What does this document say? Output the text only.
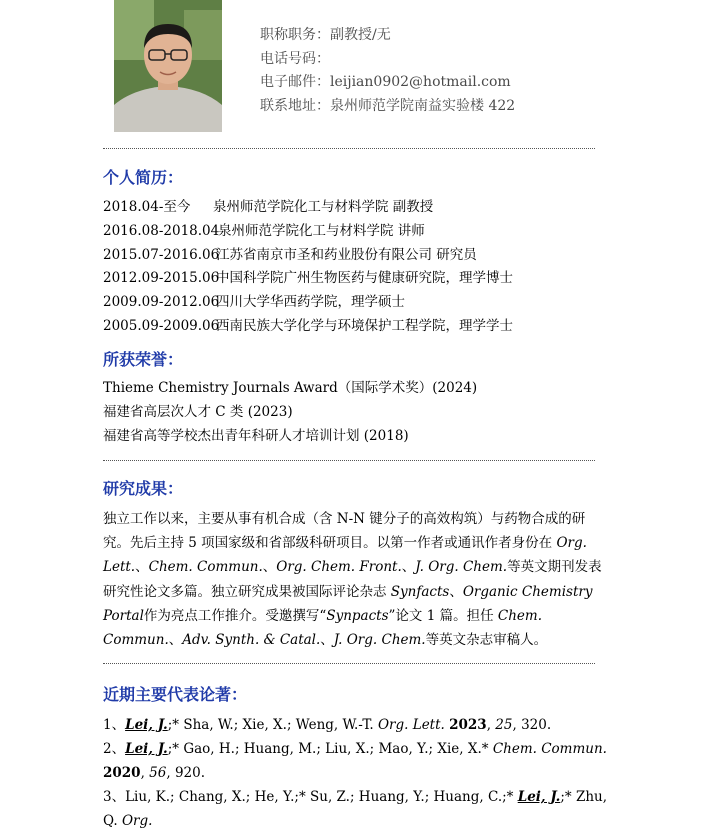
职称职务：副教授/无
电话号码：
电子邮件：leijian0902@hotmail.com
联系地址：泉州师范学院南益实验楼 422
个人简历：
2018.04-至今 泉州师范学院化工与材料学院 副教授
2016.08-2018.04泉州师范学院化工与材料学院 讲师
2015.07-2016.06江苏省南京市圣和药业股份有限公司 研究员
2012.09-2015.06中国科学院广州生物医药与健康研究院，理学博士
2009.09-2012.06四川大学华西药学院，理学硕士
2005.09-2009.06西南民族大学化学与环境保护工程学院，理学学士
所获荣誉：
Thieme Chemistry Journals Award（国际学术奖）(2024)
福建省高层次人才 C 类 (2023)
福建省高等学校杰出青年科研人才培训计划 (2018)
研究成果：
独立工作以来，主要从事有机合成（含 N-N 键分子的高效构筑）与药物合成的研究。先后主持 5 项国家级和省部级科研项目。以第一作者或通讯作者身份在 Org. Lett.、Chem. Commun.、Org. Chem. Front.、J. Org. Chem.等英文期刊发表研究性论文多篇。独立研究成果被国际评论杂志 Synfacts、Organic Chemistry Portal作为亮点工作推介。受邀撰写“Synpacts”论文 1 篇。担任 Chem. Commun.、Adv. Synth. & Catal.、J. Org. Chem.等英文杂志审稿人。
近期主要代表论著：

1、Lei, J.;* Sha, W.; Xie, X.; Weng, W.-T. Org. Lett. 2023, 25, 320.

2、Lei, J.;* Gao, H.; Huang, M.; Liu, X.; Mao, Y.; Xie, X.* Chem. Commun. 2020, 56, 920.

3、Liu, K.; Chang, X.; He, Y.;* Su, Z.; Huang, Y.; Huang, C.;* Lei, J.;* Zhu, Q. Org.
